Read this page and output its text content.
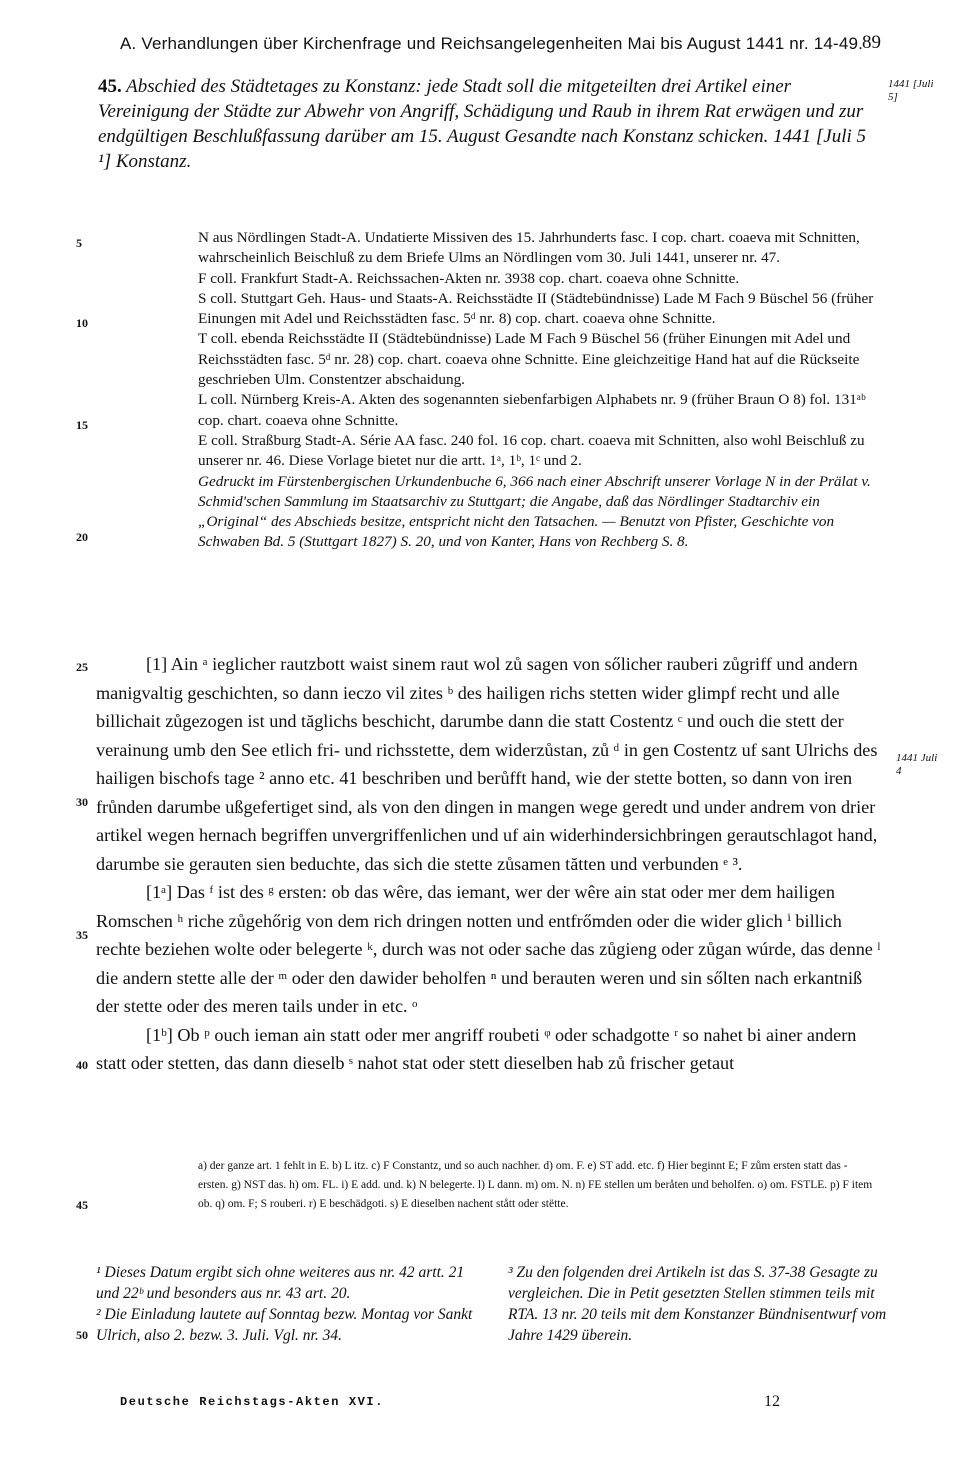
A. Verhandlungen über Kirchenfrage und Reichsangelegenheiten Mai bis August 1441 nr. 14-49.
89
45. Abschied des Städtetages zu Konstanz: jede Stadt soll die mitgeteilten drei Artikel einer Vereinigung der Städte zur Abwehr von Angriff, Schädigung und Raub in ihrem Rat erwägen und zur endgültigen Beschlußfassung darüber am 15. August Gesandte nach Konstanz schicken. 1441 [Juli 5 ¹] Konstanz.
1441 [Juli 5]

N aus Nördlingen Stadt-A. Undatierte Missiven des 15. Jahrhunderts fasc. I cop. chart. coaeva mit Schnitten, wahrscheinlich Beischluß zu dem Briefe Ulms an Nördlingen vom 30. Juli 1441, unserer nr. 47.

F coll. Frankfurt Stadt-A. Reichssachen-Akten nr. 3938 cop. chart. coaeva ohne Schnitte.

S coll. Stuttgart Geh. Haus- und Staats-A. Reichsstädte II (Städtebündnisse) Lade M Fach 9 Büschel 56 (früher Einungen mit Adel und Reichsstädten fasc. 5ᵈ nr. 8) cop. chart. coaeva ohne Schnitte.

T coll. ebenda Reichsstädte II (Städtebündnisse) Lade M Fach 9 Büschel 56 (früher Einungen mit Adel und Reichsstädten fasc. 5ᵈ nr. 28) cop. chart. coaeva ohne Schnitte. Eine gleichzeitige Hand hat auf die Rückseite geschrieben Ulm. Constentzer abschaidung.

L coll. Nürnberg Kreis-A. Akten des sogenannten siebenfarbigen Alphabets nr. 9 (früher Braun O 8) fol. 131ᵃᵇ cop. chart. coaeva ohne Schnitte.

E coll. Straßburg Stadt-A. Série AA fasc. 240 fol. 16 cop. chart. coaeva mit Schnitten, also wohl Beischluß zu unserer nr. 46. Diese Vorlage bietet nur die artt. 1ᵃ, 1ᵇ, 1ᶜ und 2.

Gedruckt im Fürstenbergischen Urkundenbuche 6, 366 nach einer Abschrift unserer Vorlage N in der Prälat v. Schmid'schen Sammlung im Staatsarchiv zu Stuttgart; die Angabe, daß das Nördlinger Stadtarchiv ein „Original“ des Abschieds besitze, entspricht nicht den Tatsachen. — Benutzt von Pfister, Geschichte von Schwaben Bd. 5 (Stuttgart 1827) S. 20, und von Kanter, Hans von Rechberg S. 8.

[1] Ain ᵃ ieglicher rautzbott waist sinem raut wol zů sagen von sőlicher rauberi zůgriff und andern manigvaltig geschichten, so dann ieczo vil zites ᵇ des hailigen richs stetten wider glimpf recht und alle billichait zůgezogen ist und tăglichs beschicht, darumbe dann die statt Costentz ᶜ und ouch die stett der verainung umb den See etlich fri- und richsstette, dem widerzůstan, zů ᵈ in gen Costentz uf sant Ulrichs des hailigen bischofs tage ² anno etc. 41 beschriben und berůfft hand, wie der stette botten, so dann von iren frůnden darumbe ußgefertiget sind, als von den dingen in mangen wege geredt und under andrem von drier artikel wegen hernach begriffen unvergriffenlichen und uf ain widerhindersichbringen gerautschlagot hand, darumbe sie gerauten sien beduchte, das sich die stette zůsamen tătten und verbunden ᵉ ³.

[1ᵃ] Das ᶠ ist des ᵍ ersten: ob das wêre, das iemant, wer der wêre ain stat oder mer dem hailigen Romschen ʰ riche zůgehőrig von dem rich dringen notten und entfrőmden oder die wider glich ⁱ billich rechte beziehen wolte oder belegerte ᵏ, durch was not oder sache das zůgieng oder zůgan wúrde, das denne ˡ die andern stette alle der ᵐ oder den dawider beholfen ⁿ und berauten weren und sin sőlten nach erkantniß der stette oder des meren tails under in etc. ᵒ

[1ᵇ] Ob ᵖ ouch ieman ain statt oder mer angriff roubeti ᵠ oder schadgotte ʳ so nahet bi ainer andern statt oder stetten, das dann dieselb ˢ nahot stat oder stett dieselben hab zů frischer getaut

1441 Juli 4
5
10
15
20
25
30
35
40
45
50
a) der ganze art. 1 fehlt in E. b) L itz. c) F Constantz, und so auch nachher. d) om. F. e) ST add. etc. f) Hier beginnt E; F zům ersten statt das - ersten. g) NST das. h) om. FL. i) E add. und. k) N belegerte. l) L dann. m) om. N. n) FE stellen um beråten und beholfen. o) om. FSTLE. p) F item ob. q) om. F; S rouberi. r) E beschädgoti. s) E dieselben nachent stått oder stëtte.
¹ Dieses Datum ergibt sich ohne weiteres aus nr. 42 artt. 21 und 22ᵇ und besonders aus nr. 43 art. 20.
² Die Einladung lautete auf Sonntag bezw. Montag vor Sankt Ulrich, also 2. bezw. 3. Juli. Vgl. nr. 34.
³ Zu den folgenden drei Artikeln ist das S. 37-38 Gesagte zu vergleichen. Die in Petit gesetzten Stellen stimmen teils mit RTA. 13 nr. 20 teils mit dem Konstanzer Bündnisentwurf vom Jahre 1429 überein.
Deutsche Reichstags-Akten XVI.	12
